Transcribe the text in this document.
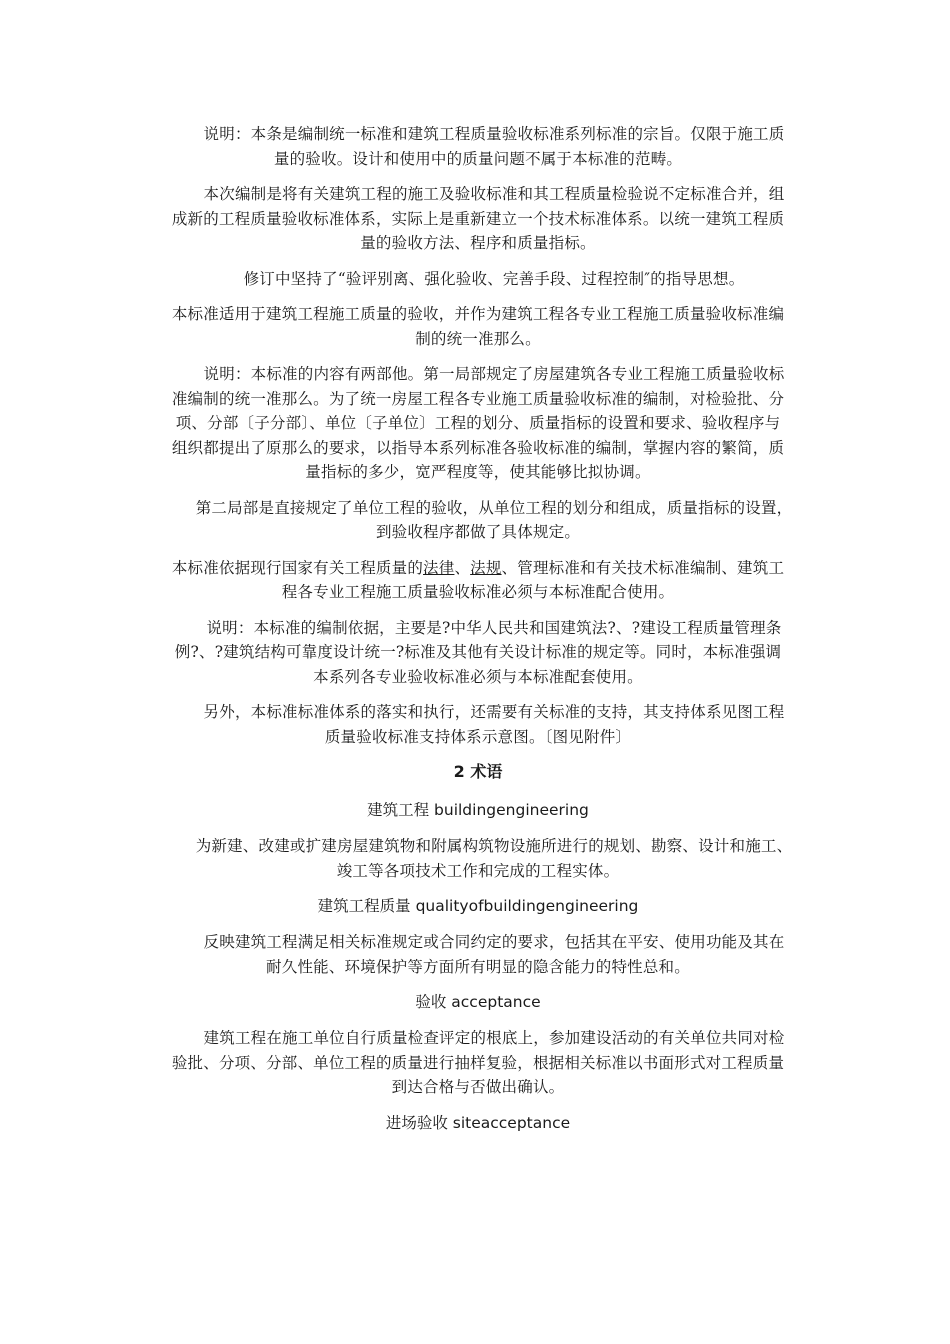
说明：本条是编制统一标准和建筑工程质量验收标准系列标准的宗旨。仅限于施工质
量的验收。设计和使用中的质量问题不属于本标准的范畴。

本次编制是将有关建筑工程的施工及验收标准和其工程质量检验说不定标准合并，组
成新的工程质量验收标准体系，实际上是重新建立一个技术标准体系。以统一建筑工程质
量的验收方法、程序和质量指标。

修订中坚持了“验评别离、强化验收、完善手段、过程控制″的指导思想。

本标准适用于建筑工程施工质量的验收，并作为建筑工程各专业工程施工质量验收标准编
制的统一准那么。

说明：本标准的内容有两部他。第一局部规定了房屋建筑各专业工程施工质量验收标
准编制的统一准那么。为了统一房屋工程各专业施工质量验收标准的编制，对检验批、分
项、分部〔子分部〕、单位〔子单位〕工程的划分、质量指标的设置和要求、验收程序与
组织都提出了原那么的要求，以指导本系列标准各验收标准的编制，掌握内容的繁简，质
量指标的多少，宽严程度等，使其能够比拟协调。

第二局部是直接规定了单位工程的验收，从单位工程的划分和组成，质量指标的设置，
到验收程序都做了具体规定。

本标准依据现行国家有关工程质量的法律、法规、管理标准和有关技术标准编制、建筑工
程各专业工程施工质量验收标准必须与本标准配合使用。

说明：本标准的编制依据，主要是?中华人民共和国建筑法?、?建设工程质量管理条
例?、?建筑结构可靠度设计统一?标准及其他有关设计标准的规定等。同时，本标准强调
本系列各专业验收标准必须与本标准配套使用。

另外，本标准标准体系的落实和执行，还需要有关标准的支持，其支持体系见图工程
质量验收标准支持体系示意图。〔图见附件〕

2 术语
建筑工程 buildingengineering

为新建、改建或扩建房屋建筑物和附属构筑物设施所进行的规划、勘察、设计和施工、
竣工等各项技术工作和完成的工程实体。

建筑工程质量 qualityofbuildingengineering

反映建筑工程满足相关标准规定或合同约定的要求，包括其在平安、使用功能及其在
耐久性能、环境保护等方面所有明显的隐含能力的特性总和。

验收 acceptance

建筑工程在施工单位自行质量检查评定的根底上，参加建设活动的有关单位共同对检
验批、分项、分部、单位工程的质量进行抽样复验，根据相关标准以书面形式对工程质量
到达合格与否做出确认。

进场验收 siteacceptance
